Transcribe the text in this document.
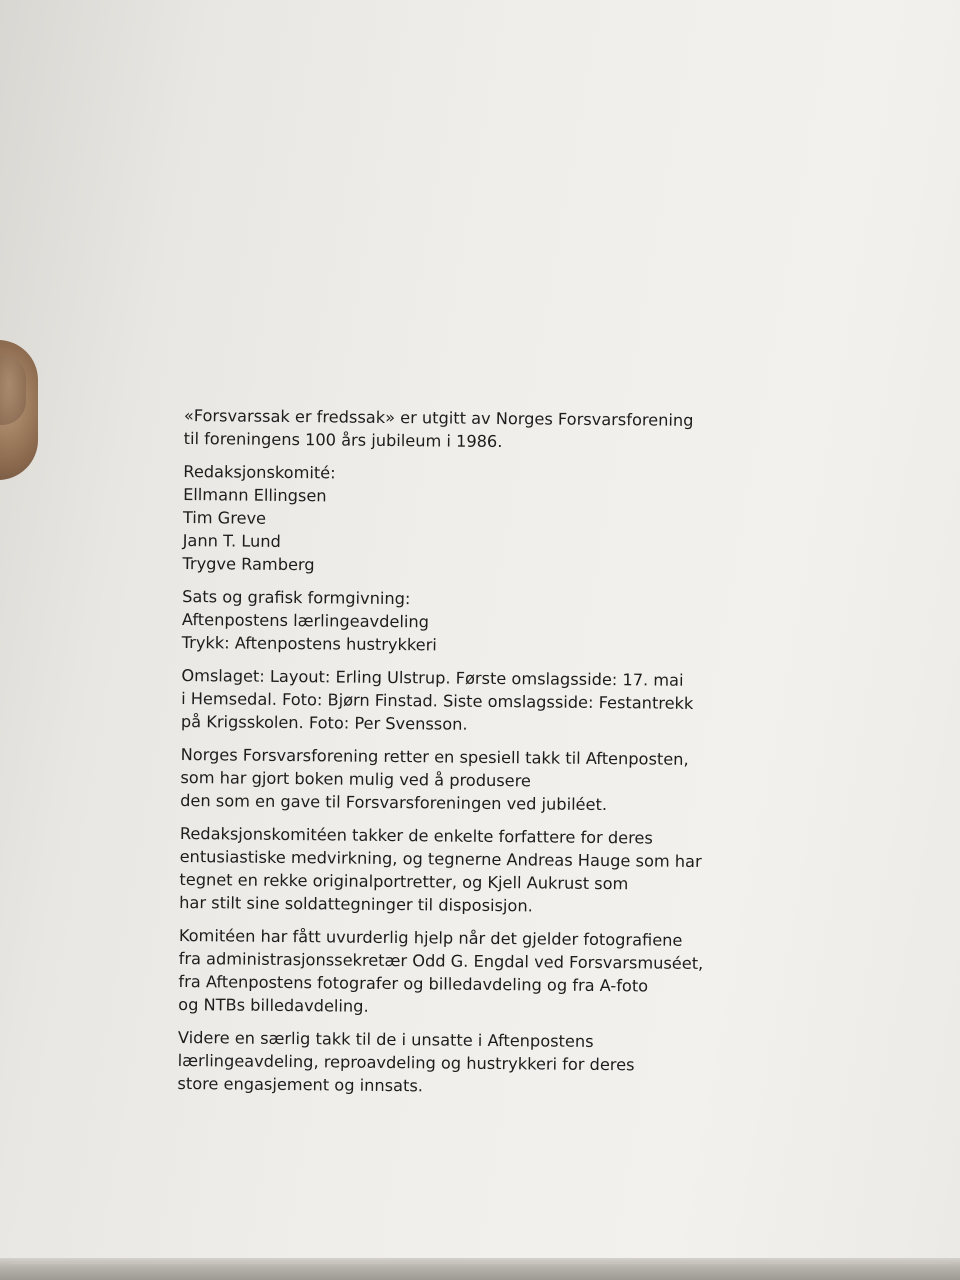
«Forsvarssak er fredssak» er utgitt av Norges Forsvarsforening
til foreningens 100 års jubileum i 1986.
Redaksjonskomité:
Ellmann Ellingsen
Tim Greve
Jann T. Lund
Trygve Ramberg
Sats og grafisk formgivning:
Aftenpostens lærlingeavdeling
Trykk: Aftenpostens hustrykkeri
Omslaget: Layout: Erling Ulstrup. Første omslagsside: 17. mai
i Hemsedal. Foto: Bjørn Finstad. Siste omslagsside: Festantrekk
på Krigsskolen. Foto: Per Svensson.
Norges Forsvarsforening retter en spesiell takk til Aftenposten,
som har gjort boken mulig ved å produsere
den som en gave til Forsvarsforeningen ved jubiléet.
Redaksjonskomitéen takker de enkelte forfattere for deres
entusiastiske medvirkning, og tegnerne Andreas Hauge som har
tegnet en rekke originalportretter, og Kjell Aukrust som
har stilt sine soldattegninger til disposisjon.
Komitéen har fått uvurderlig hjelp når det gjelder fotografiene
fra administrasjonssekretær Odd G. Engdal ved Forsvarsmuséet,
fra Aftenpostens fotografer og billedavdeling og fra A-foto
og NTBs billedavdeling.
Videre en særlig takk til de i unsatte i Aftenpostens
lærlingeavdeling, reproavdeling og hustrykkeri for deres
store engasjement og innsats.
